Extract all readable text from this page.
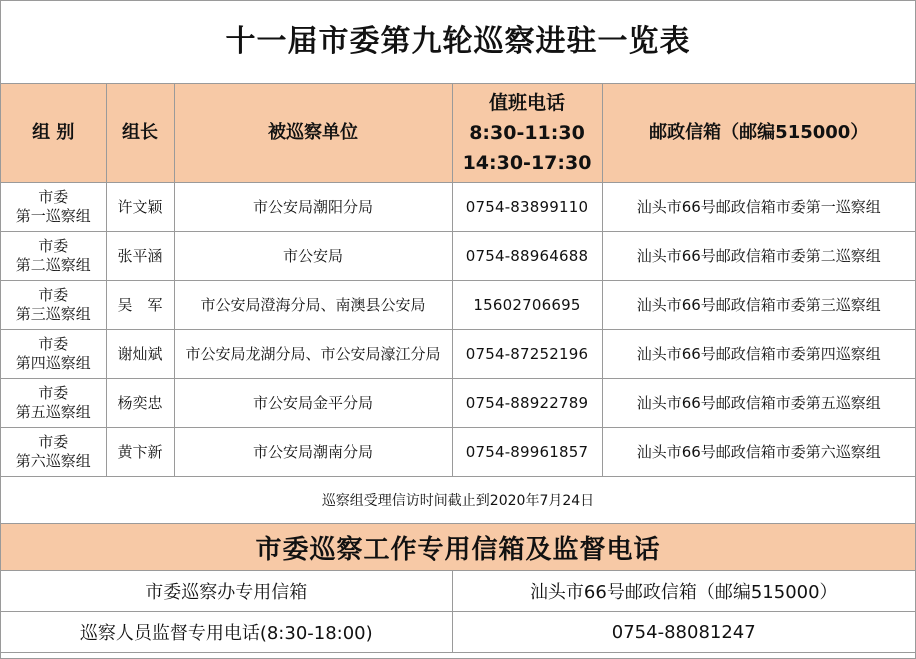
十一届市委第九轮巡察进驻一览表
组 别	组长	被巡察单位	值班电话
8:30-11:30
14:30-17:30	邮政信箱（邮编515000）

市委
第一巡察组	许文颖	市公安局潮阳分局	0754-83899110	汕头市66号邮政信箱市委第一巡察组

市委
第二巡察组	张平涵	市公安局	0754-88964688	汕头市66号邮政信箱市委第二巡察组

市委
第三巡察组	吴　军	市公安局澄海分局、南澳县公安局	15602706695	汕头市66号邮政信箱市委第三巡察组

市委
第四巡察组	谢灿斌	市公安局龙湖分局、市公安局濠江分局	0754-87252196	汕头市66号邮政信箱市委第四巡察组

市委
第五巡察组	杨奕忠	市公安局金平分局	0754-88922789	汕头市66号邮政信箱市委第五巡察组

市委
第六巡察组	黄卞新	市公安局潮南分局	0754-89961857	汕头市66号邮政信箱市委第六巡察组
巡察组受理信访时间截止到2020年7月24日				
市委巡察工作专用信箱及监督电话				
市委巡察办专用信箱			汕头市66号邮政信箱（邮编515000）	
巡察人员监督专用电话(8:30-18:00)			0754-88081247	
